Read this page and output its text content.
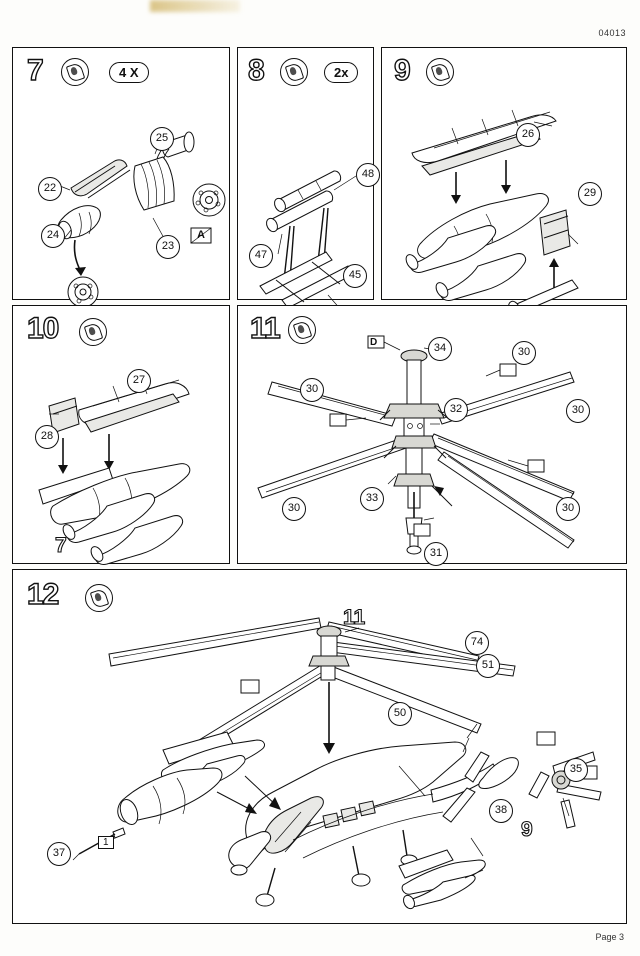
04013
Page 3
7	4 X
25
22
24
23
A
8	2x
48
47
45
9
26
29
10
27
28
7
11
34
30
32
33
31
30
30
30
30
D
12
11
74
51
50
35
38
9
37
1
